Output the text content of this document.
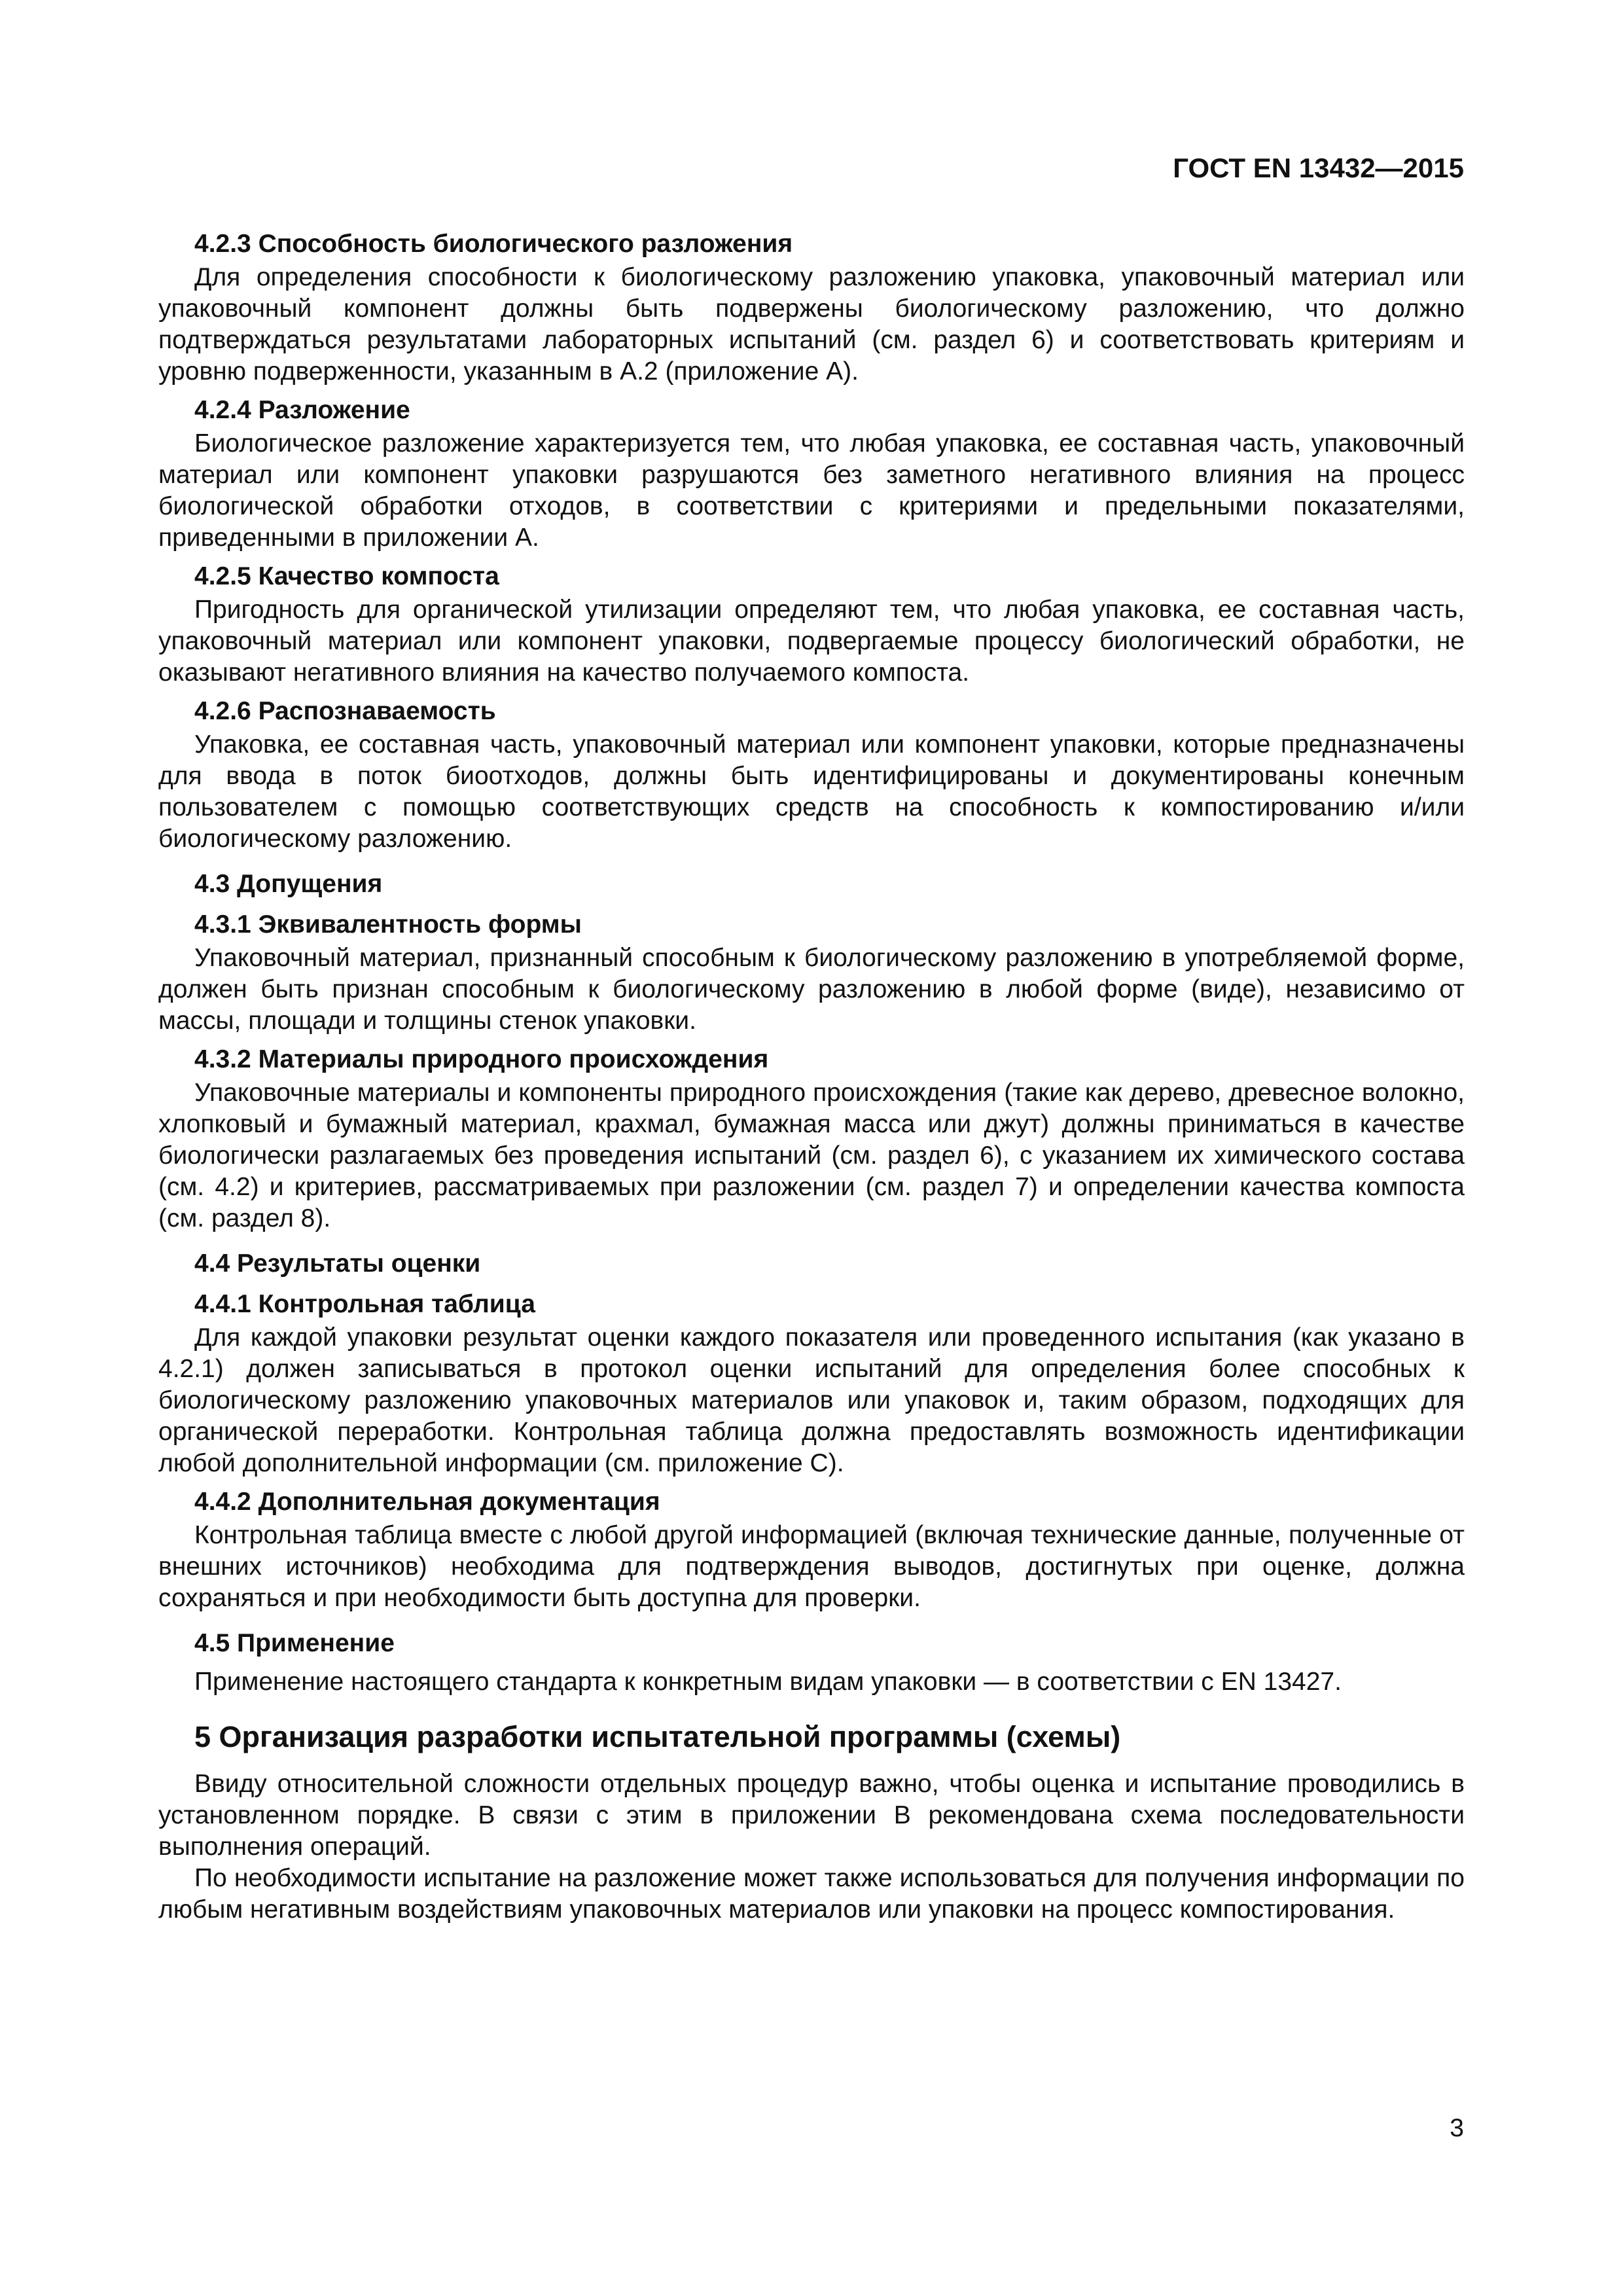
ГОСТ EN 13432—2015

4.2.3 Способность биологического разложения

Для определения способности к биологическому разложению упаковка, упаковочный материал или упаковочный компонент должны быть подвержены биологическому разложению, что должно подтверждаться результатами лабораторных испытаний (см. раздел 6) и соответствовать критериям и уровню подверженности, указанным в А.2 (приложение А).

4.2.4 Разложение

Биологическое разложение характеризуется тем, что любая упаковка, ее составная часть, упаковочный материал или компонент упаковки разрушаются без заметного негативного влияния на процесс биологической обработки отходов, в соответствии с критериями и предельными показателями, приведенными в приложении А.

4.2.5 Качество компоста

Пригодность для органической утилизации определяют тем, что любая упаковка, ее составная часть, упаковочный материал или компонент упаковки, подвергаемые процессу биологический обработки, не оказывают негативного влияния на качество получаемого компоста.

4.2.6 Распознаваемость

Упаковка, ее составная часть, упаковочный материал или компонент упаковки, которые предназначены для ввода в поток биоотходов, должны быть идентифицированы и документированы конечным пользователем с помощью соответствующих средств на способность к компостированию и/или биологическому разложению.

4.3 Допущения

4.3.1 Эквивалентность формы

Упаковочный материал, признанный способным к биологическому разложению в употребляемой форме, должен быть признан способным к биологическому разложению в любой форме (виде), независимо от массы, площади и толщины стенок упаковки.

4.3.2 Материалы природного происхождения

Упаковочные материалы и компоненты природного происхождения (такие как дерево, древесное волокно, хлопковый и бумажный материал, крахмал, бумажная масса или джут) должны приниматься в качестве биологически разлагаемых без проведения испытаний (см. раздел 6), с указанием их химического состава (см. 4.2) и критериев, рассматриваемых при разложении (см. раздел 7) и определении качества компоста (см. раздел 8).

4.4 Результаты оценки

4.4.1 Контрольная таблица

Для каждой упаковки результат оценки каждого показателя или проведенного испытания (как указано в 4.2.1) должен записываться в протокол оценки испытаний для определения более способных к биологическому разложению упаковочных материалов или упаковок и, таким образом, подходящих для органической переработки. Контрольная таблица должна предоставлять возможность идентификации любой дополнительной информации (см. приложение С).

4.4.2 Дополнительная документация

Контрольная таблица вместе с любой другой информацией (включая технические данные, полученные от внешних источников) необходима для подтверждения выводов, достигнутых при оценке, должна сохраняться и при необходимости быть доступна для проверки.

4.5 Применение

Применение настоящего стандарта к конкретным видам упаковки — в соответствии с EN 13427.

5 Организация разработки испытательной программы (схемы)

Ввиду относительной сложности отдельных процедур важно, чтобы оценка и испытание проводились в установленном порядке. В связи с этим в приложении В рекомендована схема последовательности выполнения операций.

По необходимости испытание на разложение может также использоваться для получения информации по любым негативным воздействиям упаковочных материалов или упаковки на процесс компостирования.

3
